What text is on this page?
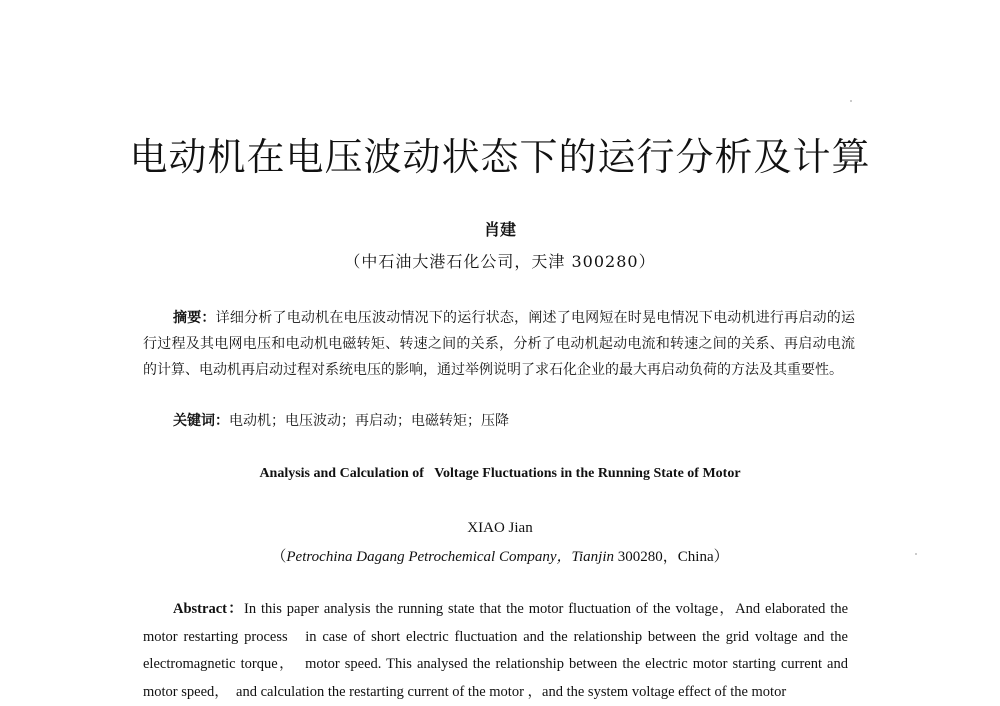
电动机在电压波动状态下的运行分析及计算
肖建
（中石油大港石化公司，天津 300280）

摘要：详细分析了电动机在电压波动情况下的运行状态，阐述了电网短在时晃电情况下电动机进行再启动的运行过程及其电网电压和电动机电磁转矩、转速之间的关系，分析了电动机起动电流和转速之间的关系、再启动电流的计算、电动机再启动过程对系统电压的影响，通过举例说明了求石化企业的最大再启动负荷的方法及其重要性。

关键词：电动机；电压波动；再启动；电磁转矩；压降

Analysis and Calculation of   Voltage Fluctuations in the Running State of Motor
XIAO Jian
（Petrochina Dagang Petrochemical Company，Tianjin 300280，China）

Abstract：In this paper analysis the running state that the motor fluctuation of the voltage，And elaborated the motor restarting process   in case of short electric fluctuation and the relationship between the grid voltage and the electromagnetic torque，  motor speed. This analysed the relationship between the electric motor starting current and motor speed，  and calculation the restarting current of the motor ，and the system voltage effect of the motor
